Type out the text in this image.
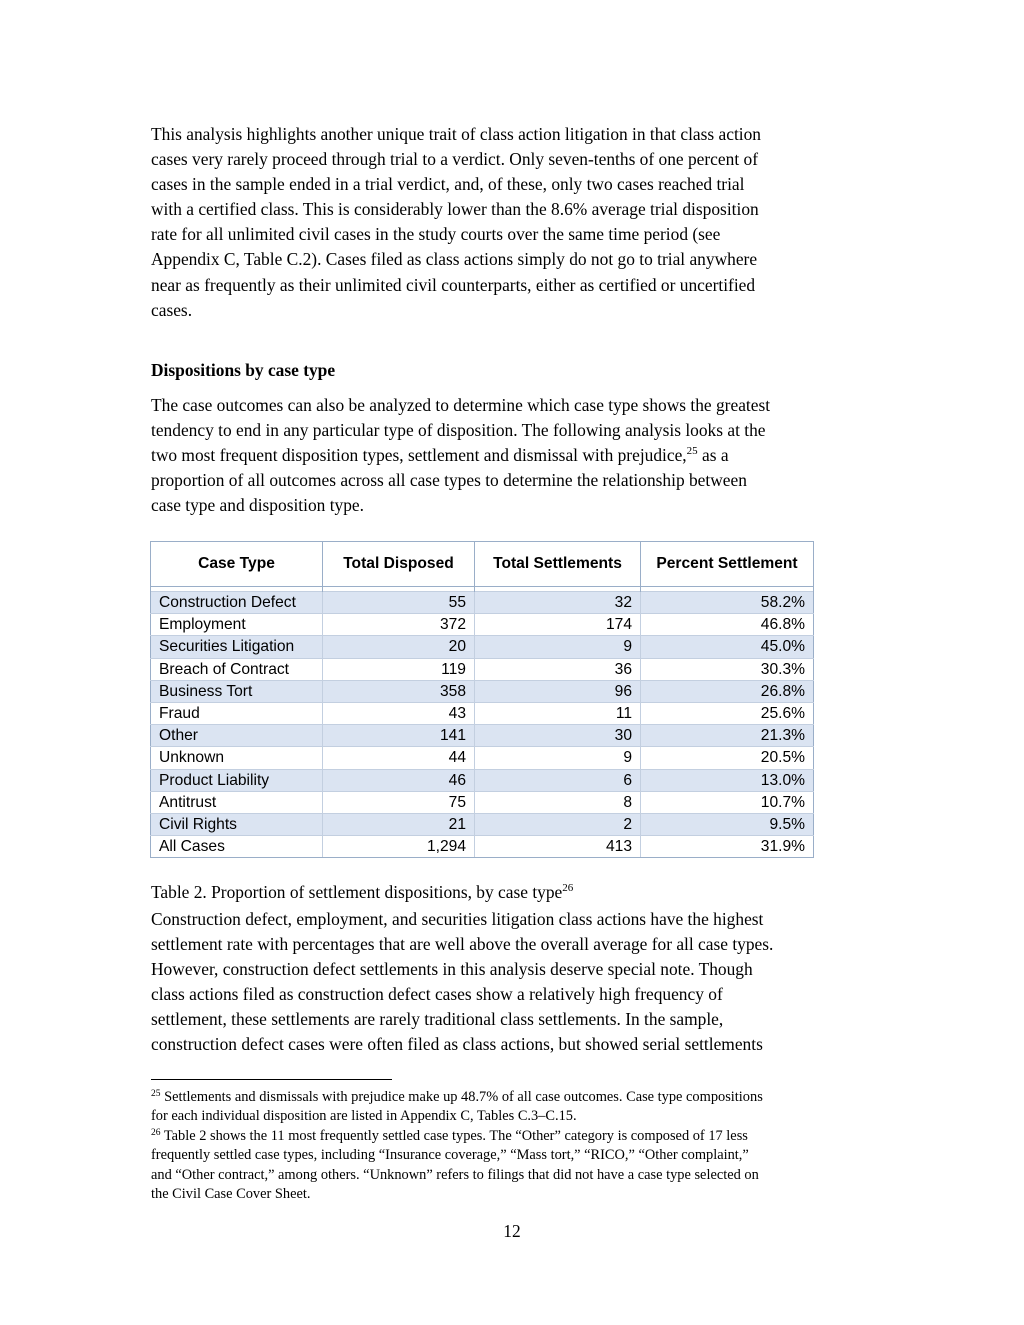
This analysis highlights another unique trait of class action litigation in that class action
cases very rarely proceed through trial to a verdict. Only seven-tenths of one percent of
cases in the sample ended in a trial verdict, and, of these, only two cases reached trial
with a certified class. This is considerably lower than the 8.6% average trial disposition
rate for all unlimited civil cases in the study courts over the same time period (see
Appendix C, Table C.2). Cases filed as class actions simply do not go to trial anywhere
near as frequently as their unlimited civil counterparts, either as certified or uncertified
cases.

Dispositions by case type

The case outcomes can also be analyzed to determine which case type shows the greatest
tendency to end in any particular type of disposition. The following analysis looks at the
two most frequent disposition types, settlement and dismissal with prejudice,$^{25}$ as a
proportion of all outcomes across all case types to determine the relationship between
case type and disposition type.

Case Type	Total Disposed	Total Settlements	Percent Settlement

Construction Defect	55	32	58.2%
Employment	372	174	46.8%
Securities Litigation	20	9	45.0%
Breach of Contract	119	36	30.3%
Business Tort	358	96	26.8%
Fraud	43	11	25.6%
Other	141	30	21.3%
Unknown	44	9	20.5%
Product Liability	46	6	13.0%
Antitrust	75	8	10.7%
Civil Rights	21	2	9.5%
All Cases	1,294	413	31.9%

Table 2. Proportion of settlement dispositions, by case type$^{26}$

Construction defect, employment, and securities litigation class actions have the highest
settlement rate with percentages that are well above the overall average for all case types.
However, construction defect settlements in this analysis deserve special note. Though
class actions filed as construction defect cases show a relatively high frequency of
settlement, these settlements are rarely traditional class settlements. In the sample,
construction defect cases were often filed as class actions, but showed serial settlements

$^{25}$ Settlements and dismissals with prejudice make up 48.7% of all case outcomes. Case type compositions
for each individual disposition are listed in Appendix C, Tables C.3–C.15.
$^{26}$ Table 2 shows the 11 most frequently settled case types. The “Other” category is composed of 17 less
frequently settled case types, including “Insurance coverage,” “Mass tort,” “RICO,” “Other complaint,”
and “Other contract,” among others. “Unknown” refers to filings that did not have a case type selected on
the Civil Case Cover Sheet.
12
